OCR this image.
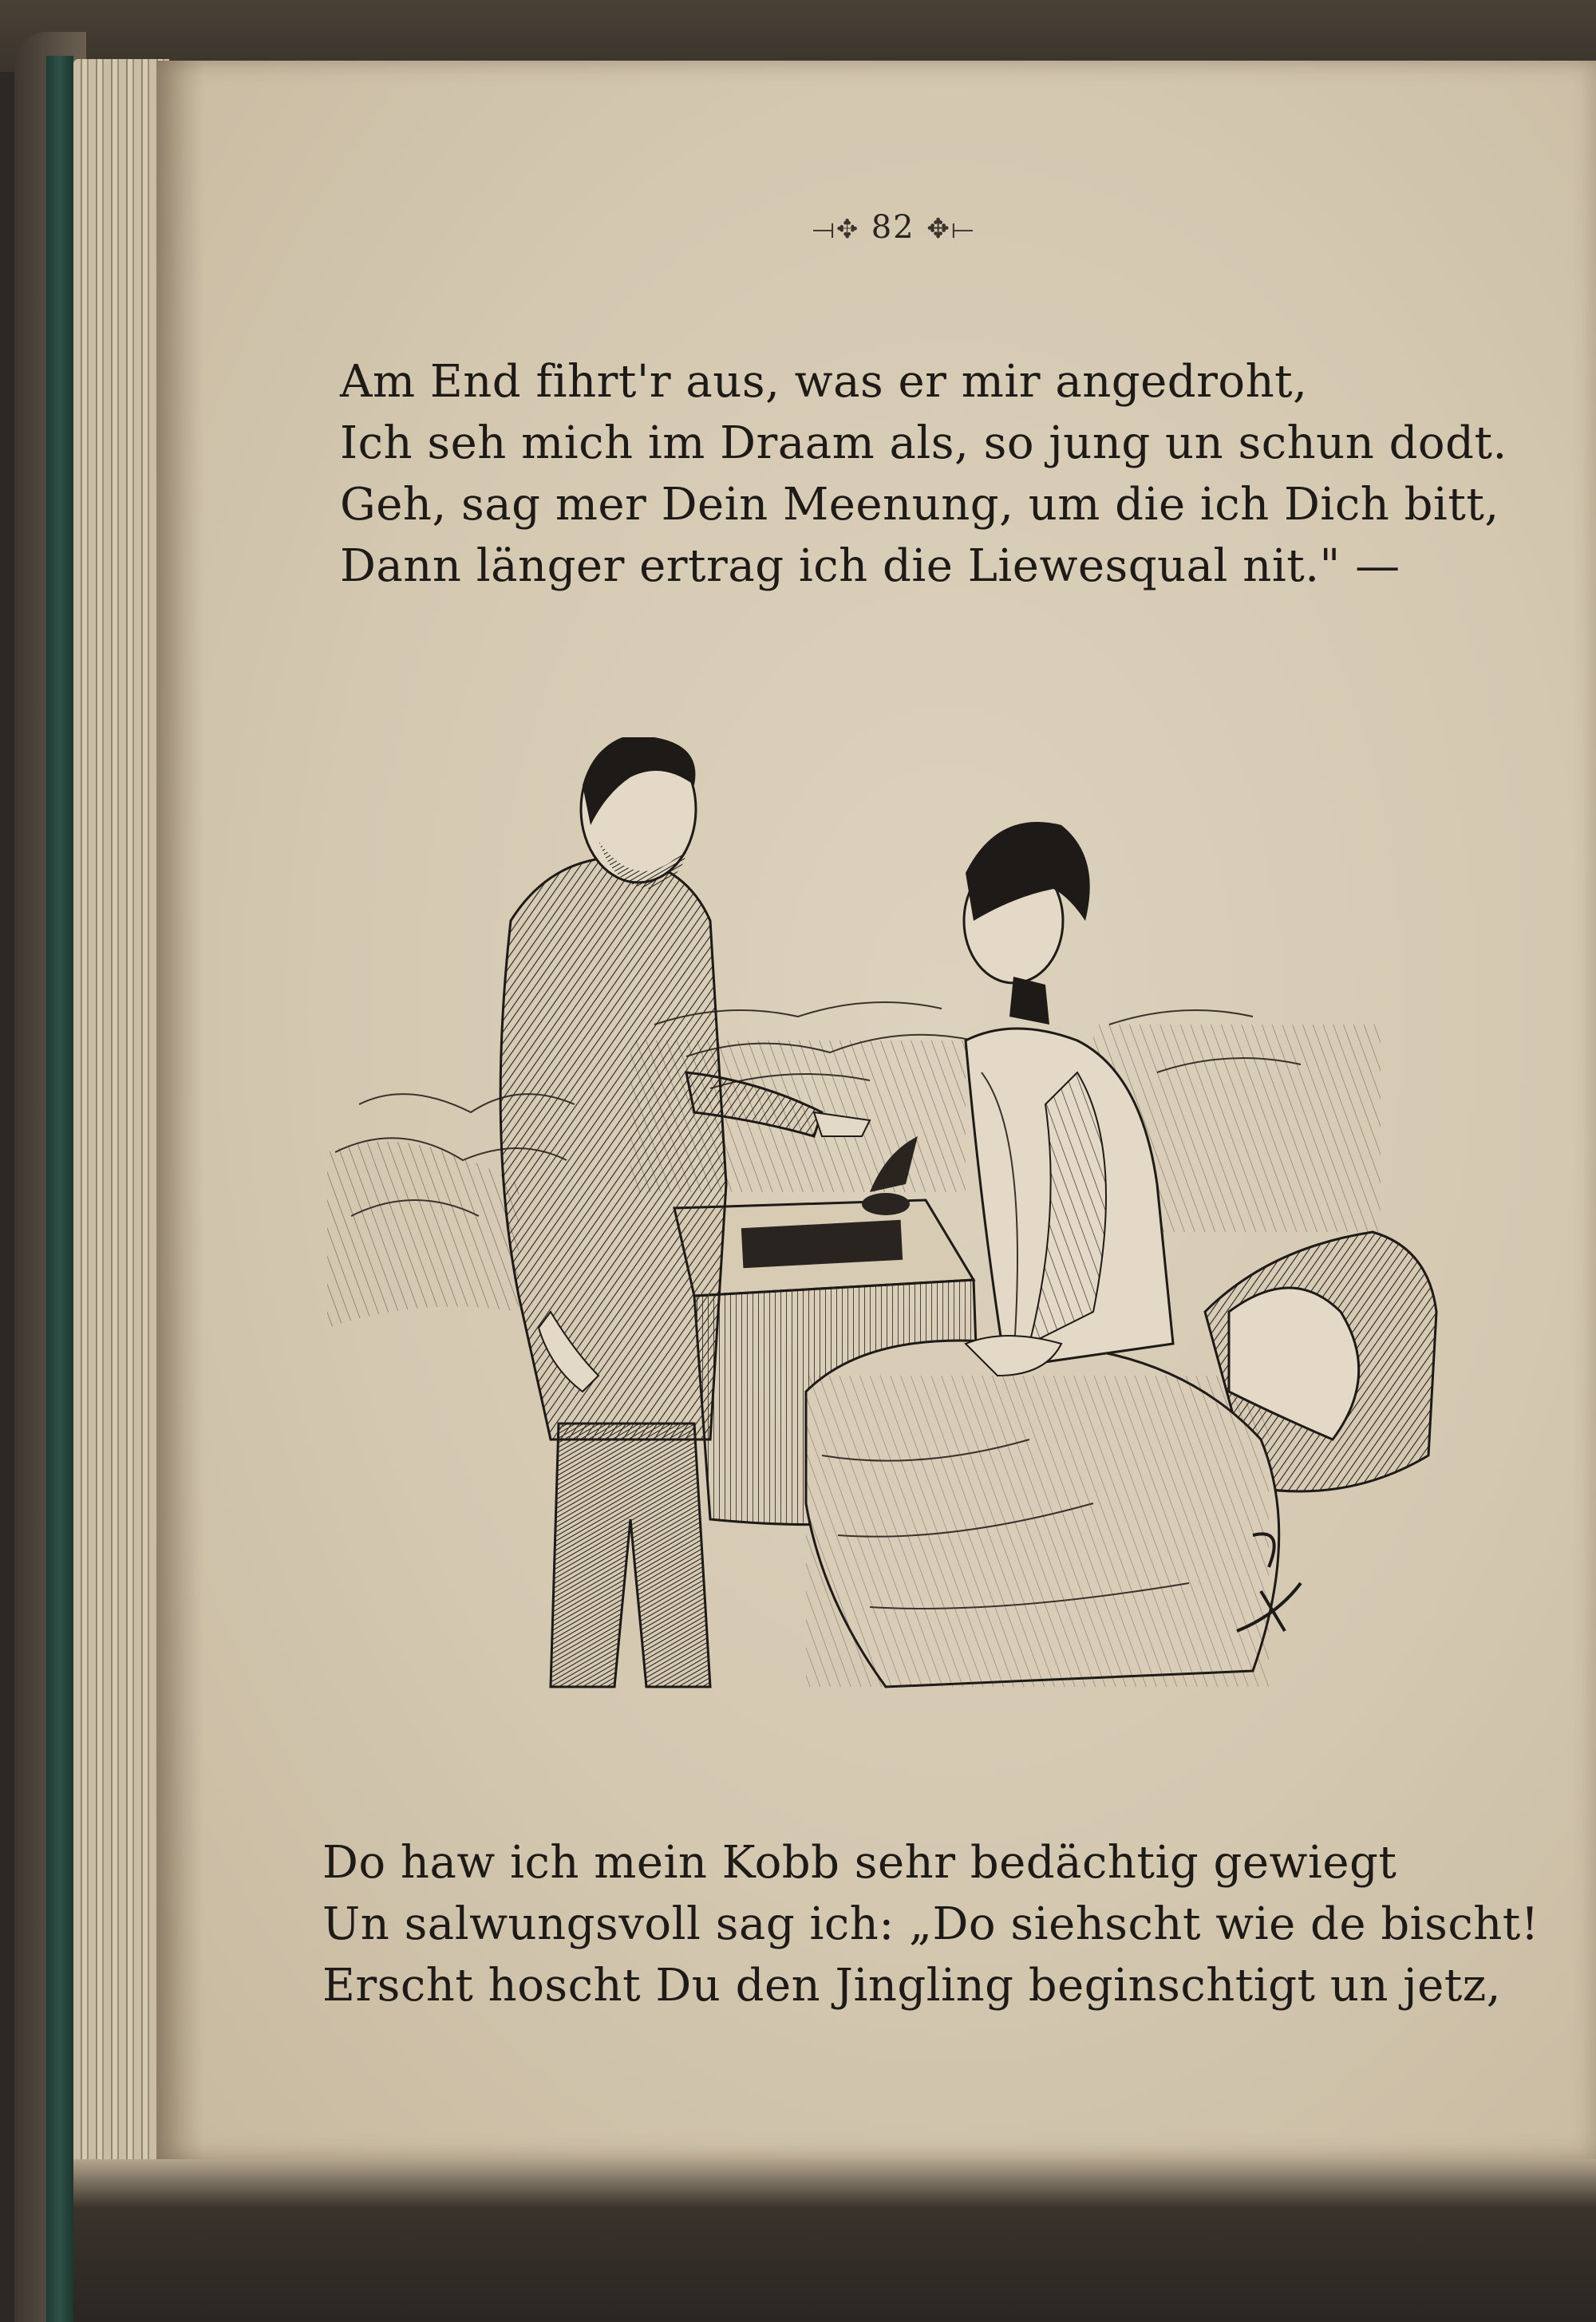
⟞✥ 82 ✥⟝
Am End fihrt'r aus, was er mir angedroht,
Ich seh mich im Draam als, so jung un schun dodt.
Geh, sag mer Dein Meenung, um die ich Dich bitt,
Dann länger ertrag ich die Liewesqual nit." —
Do haw ich mein Kobb sehr bedächtig gewiegt
Un salwungsvoll sag ich: „Do siehscht wie de bischt!
Erscht hoscht Du den Jingling beginschtigt un jetz,
